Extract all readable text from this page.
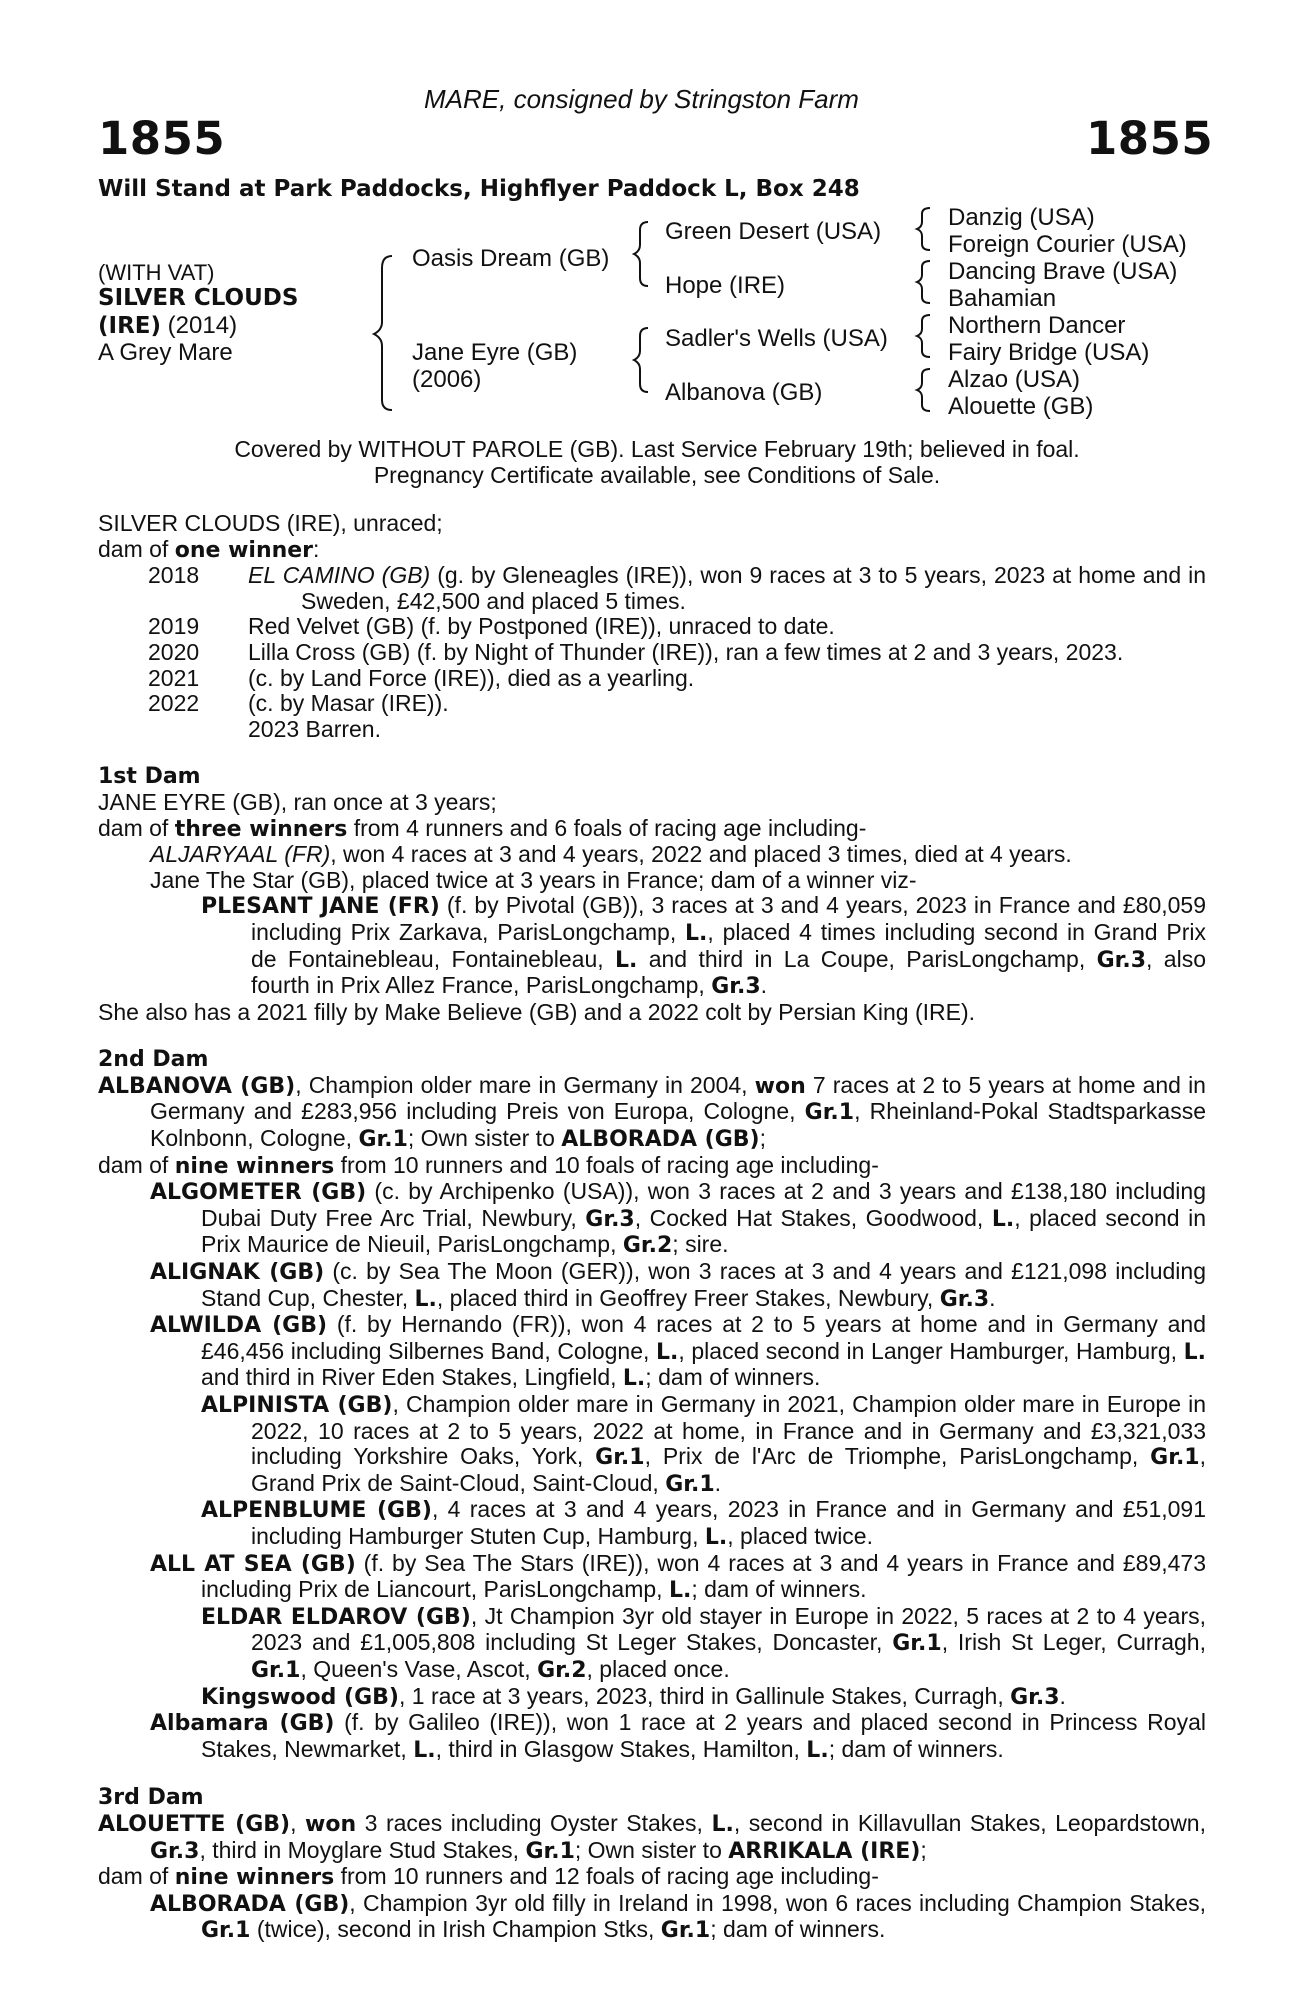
MARE, consigned by Stringston Farm
1855	1855
Will Stand at Park Paddocks, Highflyer Paddock L, Box 248
(WITH VAT)
SILVER CLOUDS
(IRE) (2014)
A Grey Mare
Oasis Dream (GB)
Jane Eyre (GB)
(2006)
Green Desert (USA)
Hope (IRE)
Sadler's Wells (USA)
Albanova (GB)
Danzig (USA)
Foreign Courier (USA)
Dancing Brave (USA)
Bahamian
Northern Dancer
Fairy Bridge (USA)
Alzao (USA)
Alouette (GB)
Covered by WITHOUT PAROLE (GB). Last Service February 19th; believed in foal.
Pregnancy Certificate available, see Conditions of Sale.

SILVER CLOUDS (IRE), unraced;

dam of one winner:

2018 EL CAMINO (GB) (g. by Gleneagles (IRE)), won 9 races at 3 to 5 years, 2023 at home and in Sweden, £42,500 and placed 5 times.

2019 Red Velvet (GB) (f. by Postponed (IRE)), unraced to date.

2020 Lilla Cross (GB) (f. by Night of Thunder (IRE)), ran a few times at 2 and 3 years, 2023.

2021 (c. by Land Force (IRE)), died as a yearling.

2022 (c. by Masar (IRE)).

2023 Barren.

1st Dam

JANE EYRE (GB), ran once at 3 years;

dam of three winners from 4 runners and 6 foals of racing age including-

ALJARYAAL (FR), won 4 races at 3 and 4 years, 2022 and placed 3 times, died at 4 years.

Jane The Star (GB), placed twice at 3 years in France; dam of a winner viz-

PLESANT JANE (FR) (f. by Pivotal (GB)), 3 races at 3 and 4 years, 2023 in France and £80,059 including Prix Zarkava, ParisLongchamp, L., placed 4 times including second in Grand Prix de Fontainebleau, Fontainebleau, L. and third in La Coupe, ParisLongchamp, Gr.3, also fourth in Prix Allez France, ParisLongchamp, Gr.3.

She also has a 2021 filly by Make Believe (GB) and a 2022 colt by Persian King (IRE).

2nd Dam

ALBANOVA (GB), Champion older mare in Germany in 2004, won 7 races at 2 to 5 years at home and in Germany and £283,956 including Preis von Europa, Cologne, Gr.1, Rheinland-Pokal Stadtsparkasse Kolnbonn, Cologne, Gr.1; Own sister to ALBORADA (GB);

dam of nine winners from 10 runners and 10 foals of racing age including-

ALGOMETER (GB) (c. by Archipenko (USA)), won 3 races at 2 and 3 years and £138,180 including Dubai Duty Free Arc Trial, Newbury, Gr.3, Cocked Hat Stakes, Goodwood, L., placed second in Prix Maurice de Nieuil, ParisLongchamp, Gr.2; sire.

ALIGNAK (GB) (c. by Sea The Moon (GER)), won 3 races at 3 and 4 years and £121,098 including Stand Cup, Chester, L., placed third in Geoffrey Freer Stakes, Newbury, Gr.3.

ALWILDA (GB) (f. by Hernando (FR)), won 4 races at 2 to 5 years at home and in Germany and £46,456 including Silbernes Band, Cologne, L., placed second in Langer Hamburger, Hamburg, L. and third in River Eden Stakes, Lingfield, L.; dam of winners.

ALPINISTA (GB), Champion older mare in Germany in 2021, Champion older mare in Europe in 2022, 10 races at 2 to 5 years, 2022 at home, in France and in Germany and £3,321,033 including Yorkshire Oaks, York, Gr.1, Prix de l'Arc de Triomphe, ParisLongchamp, Gr.1, Grand Prix de Saint-Cloud, Saint-Cloud, Gr.1.

ALPENBLUME (GB), 4 races at 3 and 4 years, 2023 in France and in Germany and £51,091 including Hamburger Stuten Cup, Hamburg, L., placed twice.

ALL AT SEA (GB) (f. by Sea The Stars (IRE)), won 4 races at 3 and 4 years in France and £89,473 including Prix de Liancourt, ParisLongchamp, L.; dam of winners.

ELDAR ELDAROV (GB), Jt Champion 3yr old stayer in Europe in 2022, 5 races at 2 to 4 years, 2023 and £1,005,808 including St Leger Stakes, Doncaster, Gr.1, Irish St Leger, Curragh, Gr.1, Queen's Vase, Ascot, Gr.2, placed once.

Kingswood (GB), 1 race at 3 years, 2023, third in Gallinule Stakes, Curragh, Gr.3.

Albamara (GB) (f. by Galileo (IRE)), won 1 race at 2 years and placed second in Princess Royal Stakes, Newmarket, L., third in Glasgow Stakes, Hamilton, L.; dam of winners.

3rd Dam

ALOUETTE (GB), won 3 races including Oyster Stakes, L., second in Killavullan Stakes, Leopardstown, Gr.3, third in Moyglare Stud Stakes, Gr.1; Own sister to ARRIKALA (IRE);

dam of nine winners from 10 runners and 12 foals of racing age including-

ALBORADA (GB), Champion 3yr old filly in Ireland in 1998, won 6 races including Champion Stakes, Gr.1 (twice), second in Irish Champion Stks, Gr.1; dam of winners.
